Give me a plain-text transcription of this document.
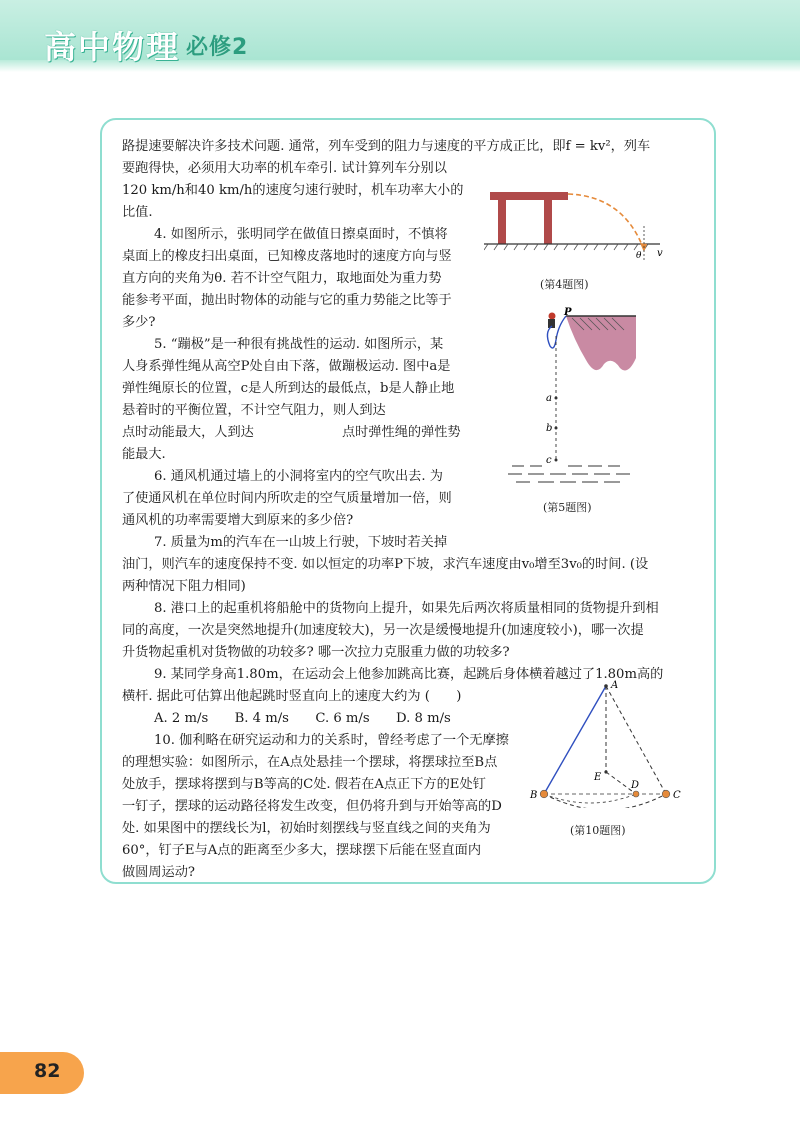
高中物理 必修2
路提速要解决许多技术问题. 通常，列车受到的阻力与速度的平方成正比，即f = kv²，列车
要跑得快，必须用大功率的机车牵引. 试计算列车分别以
120 km/h和40 km/h的速度匀速行驶时，机车功率大小的
比值.
4. 如图所示，张明同学在做值日擦桌面时，不慎将
桌面上的橡皮扫出桌面，已知橡皮落地时的速度方向与竖
直方向的夹角为θ. 若不计空气阻力，取地面处为重力势
能参考平面，抛出时物体的动能与它的重力势能之比等于
多少?
5. “蹦极”是一种很有挑战性的运动. 如图所示，某
人身系弹性绳从高空P处自由下落，做蹦极运动. 图中a是
弹性绳原长的位置，c是人所到达的最低点，b是人静止地
悬着时的平衡位置，不计空气阻力，则人到达
点时动能最大，人到达	点时弹性绳的弹性势
能最大.
6. 通风机通过墙上的小洞将室内的空气吹出去. 为
了使通风机在单位时间内所吹走的空气质量增加一倍，则
通风机的功率需要增大到原来的多少倍?
7. 质量为m的汽车在一山坡上行驶，下坡时若关掉
油门，则汽车的速度保持不变. 如以恒定的功率P下坡，求汽车速度由v₀增至3v₀的时间. (设
两种情况下阻力相同)
8. 港口上的起重机将船舱中的货物向上提升，如果先后两次将质量相同的货物提升到相
同的高度，一次是突然地提升(加速度较大)，另一次是缓慢地提升(加速度较小)，哪一次提
升货物起重机对货物做的功较多? 哪一次拉力克服重力做的功较多?
9. 某同学身高1.80m，在运动会上他参加跳高比赛，起跳后身体横着越过了1.80m高的
横杆. 据此可估算出他起跳时竖直向上的速度大约为 (　　)
A. 2 m/s　　B. 4 m/s　　C. 6 m/s　　D. 8 m/s
10. 伽利略在研究运动和力的关系时，曾经考虑了一个无摩擦
的理想实验：如图所示，在A点处悬挂一个摆球，将摆球拉至B点
处放手，摆球将摆到与B等高的C处. 假若在A点正下方的E处钉
一钉子，摆球的运动路径将发生改变，但仍将升到与开始等高的D
处. 如果图中的摆线长为l，初始时刻摆线与竖直线之间的夹角为
60°，钉子E与A点的距离至少多大，摆球摆下后能在竖直面内
做圆周运动?
θ v
(第4题图)
P
a
b
c
(第5题图)
A
E
D
B	C
(第10题图)
82
